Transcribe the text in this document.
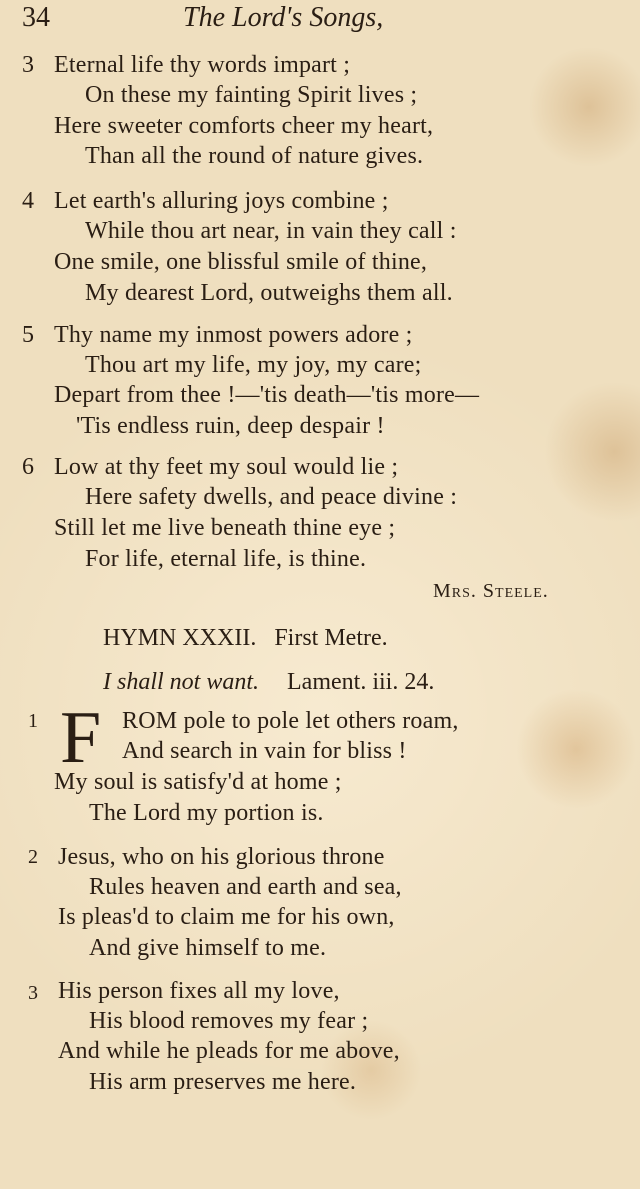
34	The Lord's Songs,
3 Eternal life thy words impart ;
On these my fainting Spirit lives ;
Here sweeter comforts cheer my heart,
Than all the round of nature gives.
4 Let earth's alluring joys combine ;
While thou art near, in vain they call :
One smile, one blissful smile of thine,
My dearest Lord, outweighs them all.
5 Thy name my inmost powers adore ;
Thou art my life, my joy, my care;
Depart from thee !—'tis death—'tis more—
'Tis endless ruin, deep despair !
6 Low at thy feet my soul would lie ;
Here safety dwells, and peace divine :
Still let me live beneath thine eye ;
For life, eternal life, is thine.
Mrs. Steele.
HYMN XXXII. First Metre.
I shall not want. Lament. iii. 24.
1 F ROM pole to pole let others roam,
And search in vain for bliss !
My soul is satisfy'd at home ;
The Lord my portion is.
2 Jesus, who on his glorious throne
Rules heaven and earth and sea,
Is pleas'd to claim me for his own,
And give himself to me.
3 His person fixes all my love,
His blood removes my fear ;
And while he pleads for me above,
His arm preserves me here.
